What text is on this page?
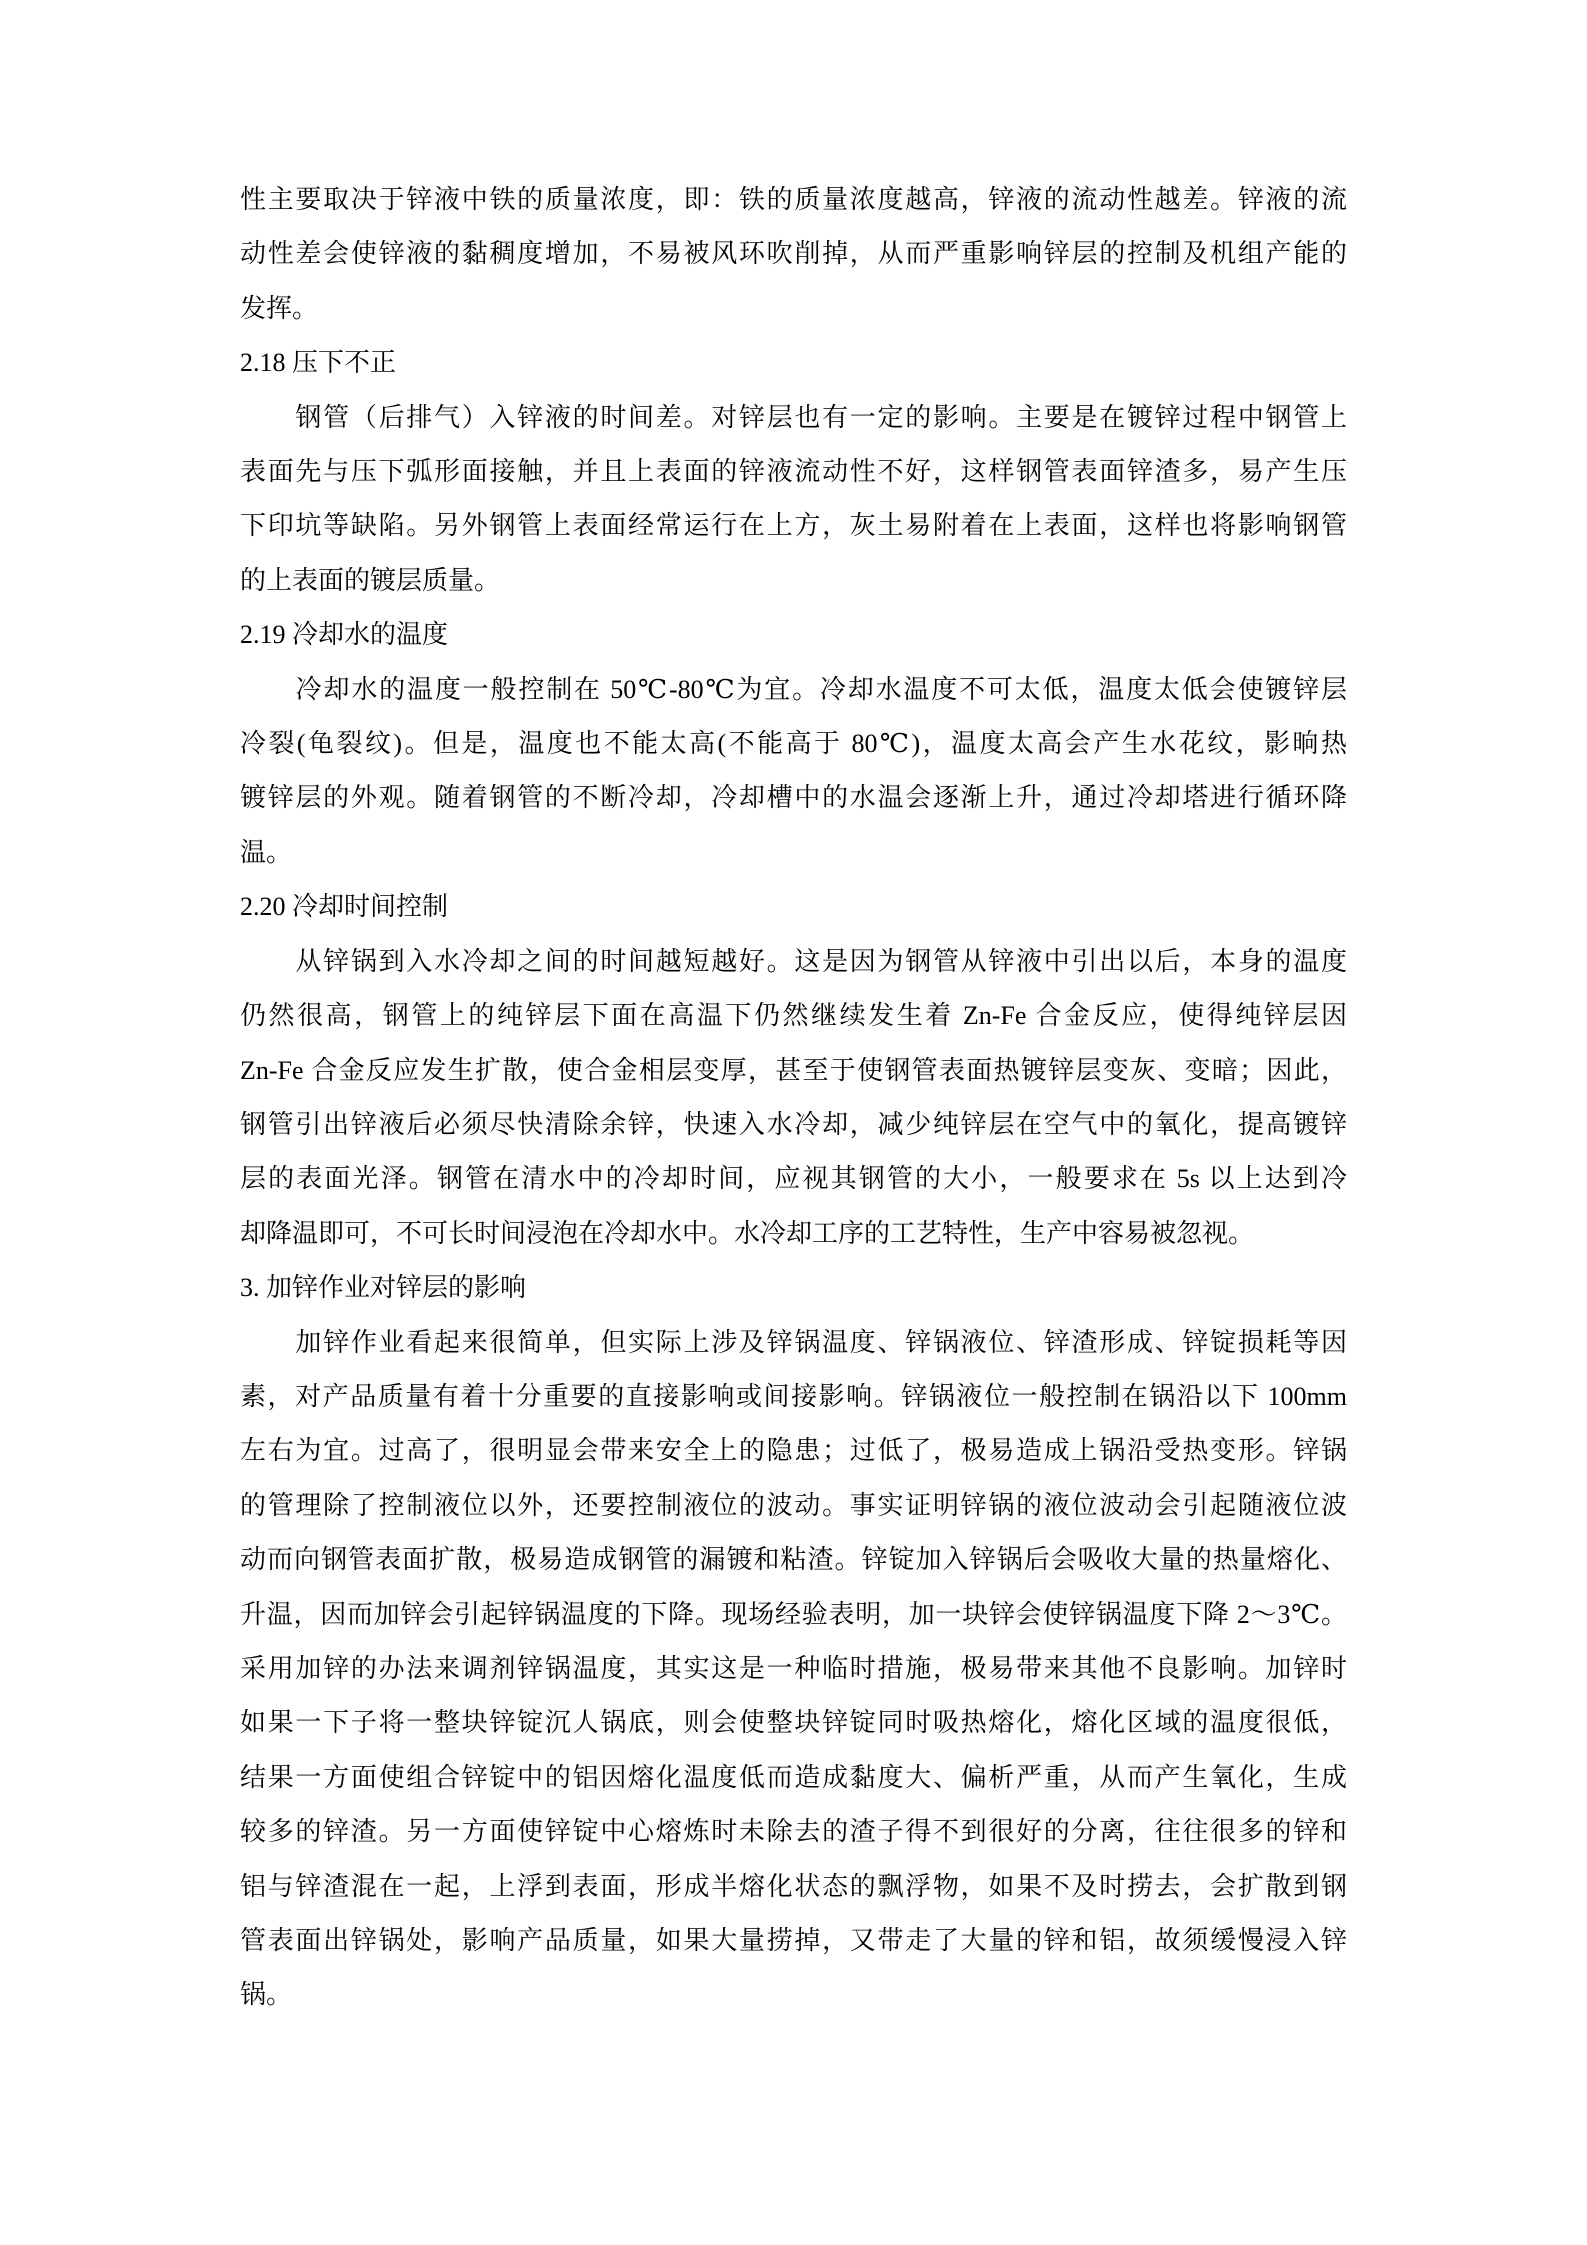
性主要取决于锌液中铁的质量浓度，即：铁的质量浓度越高，锌液的流动性越差。锌液的流
动性差会使锌液的黏稠度增加，不易被风环吹削掉，从而严重影响锌层的控制及机组产能的
发挥。
2.18 压下不正
　　钢管（后排气）入锌液的时间差。对锌层也有一定的影响。主要是在镀锌过程中钢管上
表面先与压下弧形面接触，并且上表面的锌液流动性不好，这样钢管表面锌渣多，易产生压
下印坑等缺陷。另外钢管上表面经常运行在上方，灰土易附着在上表面，这样也将影响钢管
的上表面的镀层质量。
2.19 冷却水的温度
　　冷却水的温度一般控制在 50℃-80℃为宜。冷却水温度不可太低，温度太低会使镀锌层
冷裂(龟裂纹)。但是，温度也不能太高(不能高于 80℃)，温度太高会产生水花纹，影晌热
镀锌层的外观。随着钢管的不断冷却，冷却槽中的水温会逐渐上升，通过冷却塔进行循环降
温。
2.20 冷却时间控制
　　从锌锅到入水冷却之间的时间越短越好。这是因为钢管从锌液中引出以后，本身的温度
仍然很高，钢管上的纯锌层下面在高温下仍然继续发生着 Zn-Fe 合金反应，使得纯锌层因
Zn-Fe 合金反应发生扩散，使合金相层变厚，甚至于使钢管表面热镀锌层变灰、变暗；因此，
钢管引出锌液后必须尽快清除余锌，快速入水冷却，减少纯锌层在空气中的氧化，提高镀锌
层的表面光泽。钢管在清水中的冷却时间，应视其钢管的大小，一般要求在 5s 以上达到冷
却降温即可，不可长时间浸泡在冷却水中。水冷却工序的工艺特性，生产中容易被忽视。
3. 加锌作业对锌层的影响
　　加锌作业看起来很简单，但实际上涉及锌锅温度、锌锅液位、锌渣形成、锌锭损耗等因
素，对产品质量有着十分重要的直接影响或间接影响。锌锅液位一般控制在锅沿以下 100mm
左右为宜。过高了，很明显会带来安全上的隐患；过低了，极易造成上锅沿受热变形。锌锅
的管理除了控制液位以外，还要控制液位的波动。事实证明锌锅的液位波动会引起随液位波
动而向钢管表面扩散，极易造成钢管的漏镀和粘渣。锌锭加入锌锅后会吸收大量的热量熔化、
升温，因而加锌会引起锌锅温度的下降。现场经验表明，加一块锌会使锌锅温度下降 2～3℃。
采用加锌的办法来调剂锌锅温度，其实这是一种临时措施，极易带来其他不良影响。加锌时
如果一下子将一整块锌锭沉人锅底，则会使整块锌锭同时吸热熔化，熔化区域的温度很低，
结果一方面使组合锌锭中的铝因熔化温度低而造成黏度大、偏析严重，从而产生氧化，生成
较多的锌渣。另一方面使锌锭中心熔炼时未除去的渣子得不到很好的分离，往往很多的锌和
铝与锌渣混在一起，上浮到表面，形成半熔化状态的飘浮物，如果不及时捞去，会扩散到钢
管表面出锌锅处，影响产品质量，如果大量捞掉，又带走了大量的锌和铝，故须缓慢浸入锌
锅。
